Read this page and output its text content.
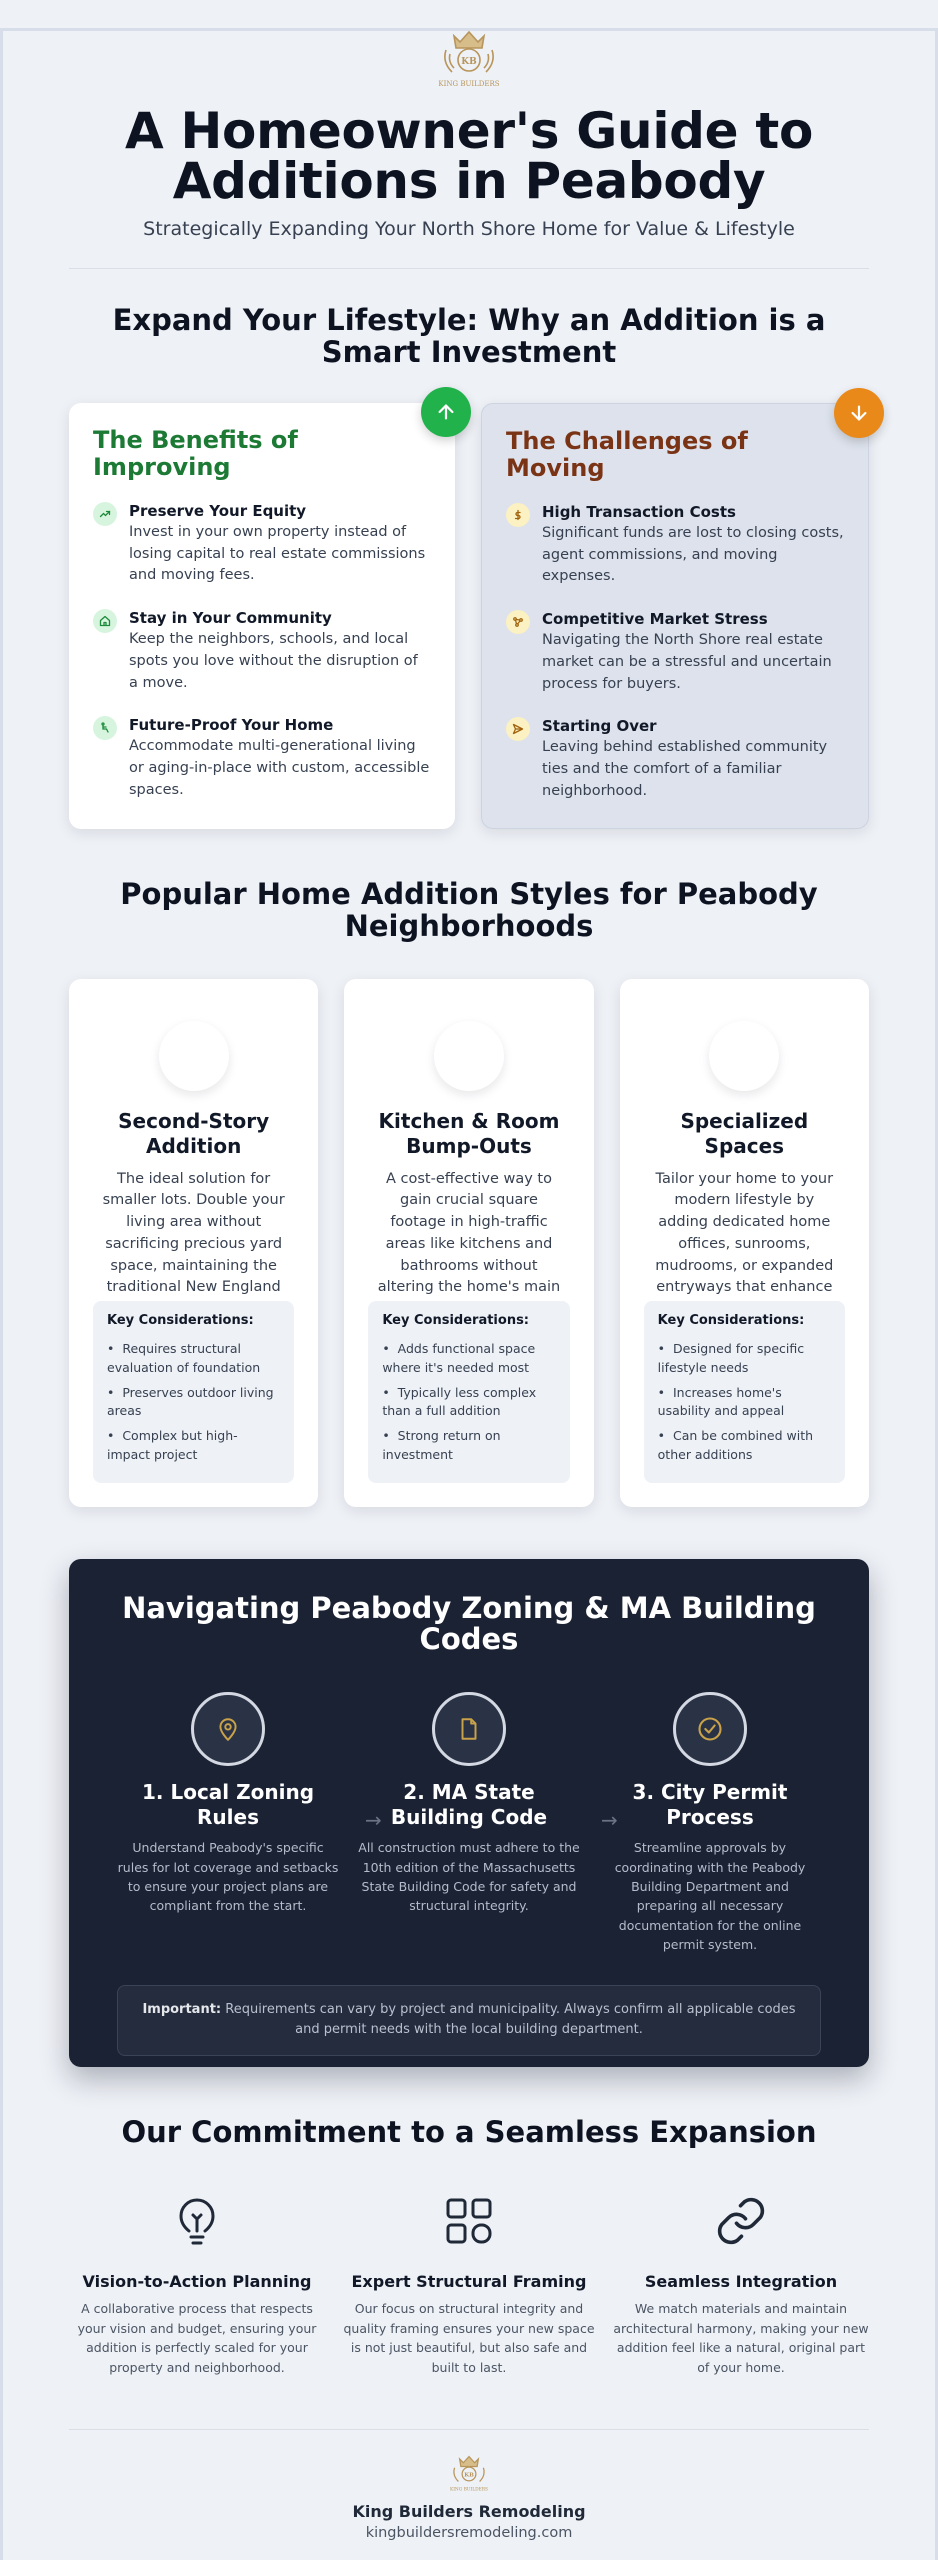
KB
KING BUILDERS
A Homeowner's Guide to
Additions in Peabody
Strategically Expanding Your North Shore Home for Value & Lifestyle
Expand Your Lifestyle: Why an Addition is a Smart Investment
The Benefits of Improving
Preserve Your Equity
Invest in your own property instead of losing capital to real estate commissions and moving fees.
Stay in Your Community
Keep the neighbors, schools, and local spots you love without the disruption of a move.
Future-Proof Your Home
Accommodate multi-generational living or aging-in-place with custom, accessible spaces.
The Challenges of Moving
High Transaction Costs
Significant funds are lost to closing costs, agent commissions, and moving expenses.
Competitive Market Stress
Navigating the North Shore real estate market can be a stressful and uncertain process for buyers.
Starting Over
Leaving behind established community ties and the comfort of a familiar neighborhood.
Popular Home Addition Styles for Peabody Neighborhoods
Second-Story Addition
The ideal solution for smaller lots. Double your living area without sacrificing precious yard space, maintaining the traditional New England
Key Considerations:
•  Requires structural evaluation of foundation
•  Preserves outdoor living areas
•  Complex but high-impact project
Kitchen & Room Bump-Outs
A cost-effective way to gain crucial square footage in high-traffic areas like kitchens and bathrooms without altering the home's main
Key Considerations:
•  Adds functional space where it's needed most
•  Typically less complex than a full addition
•  Strong return on investment
Specialized Spaces
Tailor your home to your modern lifestyle by adding dedicated home offices, sunrooms, mudrooms, or expanded entryways that enhance
Key Considerations:
•  Designed for specific lifestyle needs
•  Increases home's usability and appeal
•  Can be combined with other additions
Navigating Peabody Zoning & MA Building Codes
1. Local Zoning Rules
Understand Peabody's specific rules for lot coverage and setbacks to ensure your project plans are compliant from the start.
2. MA State Building Code
All construction must adhere to the 10th edition of the Massachusetts State Building Code for safety and structural integrity.
3. City Permit Process
Streamline approvals by coordinating with the Peabody Building Department and preparing all necessary documentation for the online permit system.
→	→
Important: Requirements can vary by project and municipality. Always confirm all applicable codes and permit needs with the local building department.
Our Commitment to a Seamless Expansion
Vision-to-Action Planning
A collaborative process that respects your vision and budget, ensuring your addition is perfectly scaled for your property and neighborhood.
Expert Structural Framing
Our focus on structural integrity and quality framing ensures your new space is not just beautiful, but also safe and built to last.
Seamless Integration
We match materials and maintain architectural harmony, making your new addition feel like a natural, original part of your home.
KB
KING BUILDERS
King Builders Remodeling
kingbuildersremodeling.com
